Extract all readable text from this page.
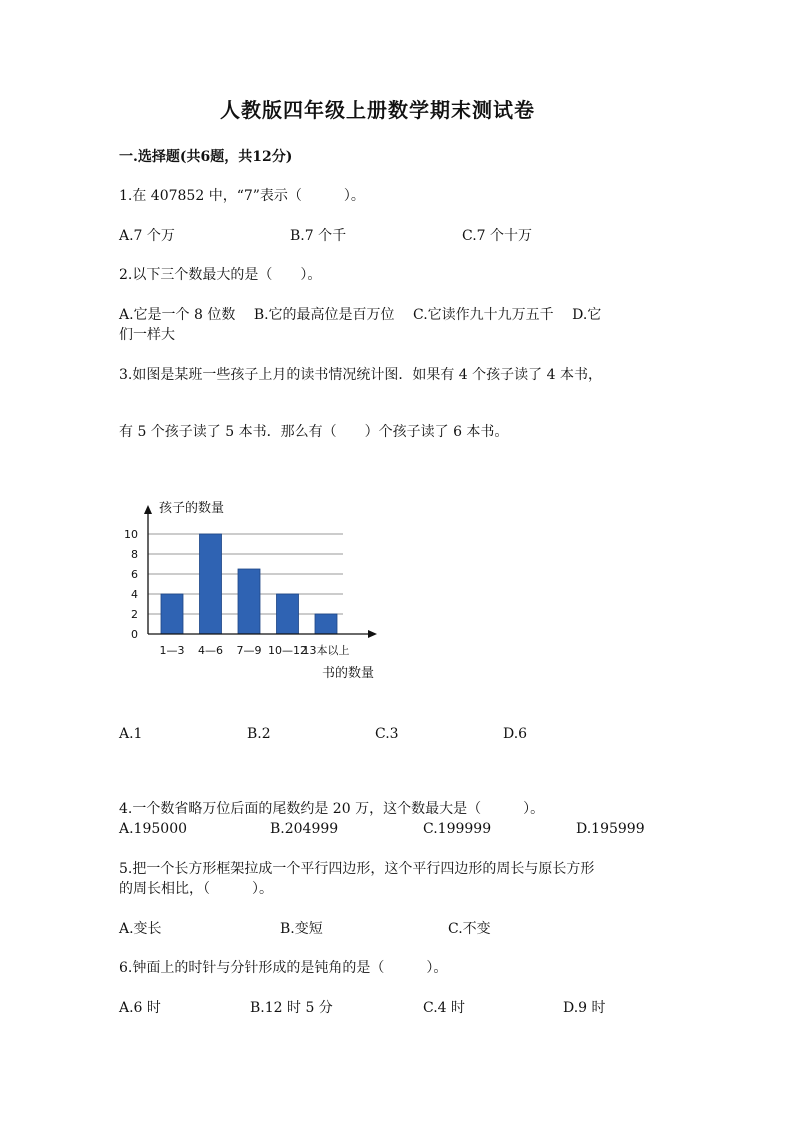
人教版四年级上册数学期末测试卷
一.选择题(共6题，共12分)
1.在 407852 中，“7”表示（　　　）。
A.7 个万	B.7 个千	C.7 个十万
2.以下三个数最大的是（　　）。
A.它是一个 8 位数　 B.它的最高位是百万位　 C.它读作九十九万五千　 D.它
们一样大
3.如图是某班一些孩子上月的读书情况统计图．如果有 4 个孩子读了 4 本书，
有 5 个孩子读了 5 本书．那么有（　　）个孩子读了 6 本书。
0
2
4
6
8
10
1—3 4—6 7—9 10—12
13本以上
孩子的数量
书的数量
A.1	B.2	C.3	D.6
4.一个数省略万位后面的尾数约是 20 万，这个数最大是（　　　）。
A.195000	B.204999	C.199999	D.195999
5.把一个长方形框架拉成一个平行四边形，这个平行四边形的周长与原长方形
的周长相比，（　　　）。
A.变长	B.变短	C.不变
6.钟面上的时针与分针形成的是钝角的是（　　　）。
A.6 时	B.12 时 5 分	C.4 时	D.9 时
